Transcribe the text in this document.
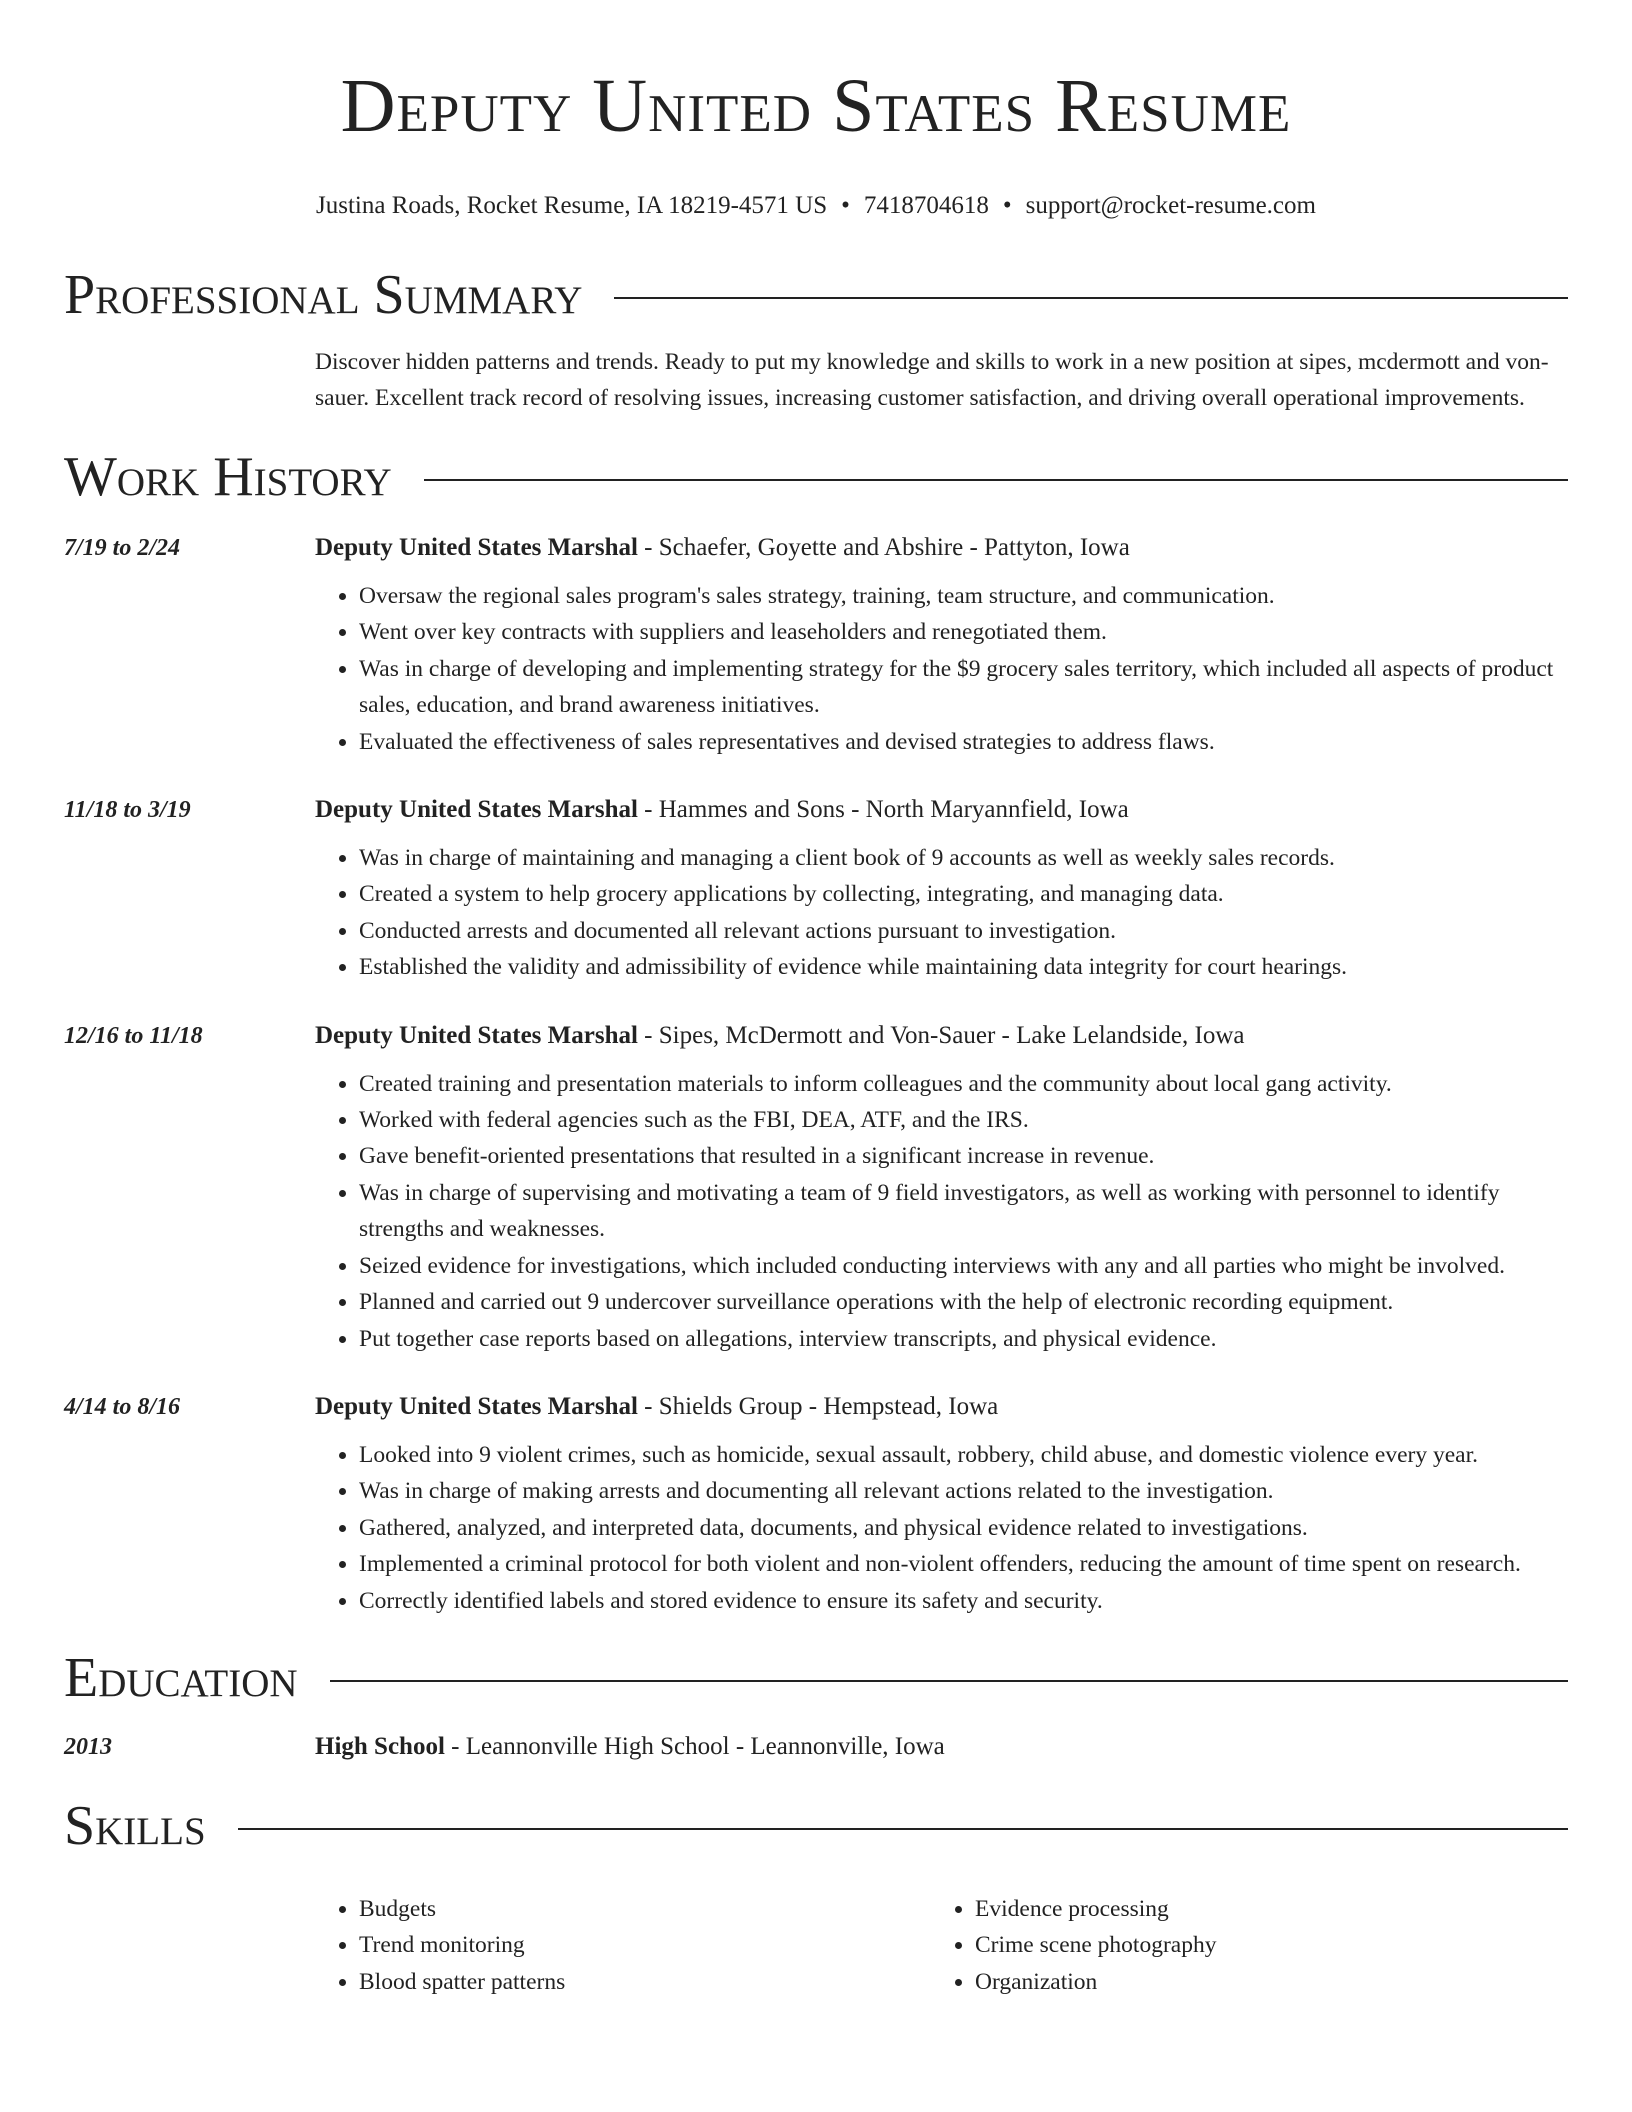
Deputy United States Resume
Justina Roads, Rocket Resume, IA 18219-4571 US • 7418704618 • support@rocket-resume.com
Professional Summary
Discover hidden patterns and trends. Ready to put my knowledge and skills to work in a new position at sipes, mcdermott and von-sauer. Excellent track record of resolving issues, increasing customer satisfaction, and driving overall operational improvements.
Work History
7/19 to 2/24	Deputy United States Marshal - Schaefer, Goyette and Abshire - Pattyton, Iowa
• Oversaw the regional sales program's sales strategy, training, team structure, and communication.
• Went over key contracts with suppliers and leaseholders and renegotiated them.
• Was in charge of developing and implementing strategy for the $9 grocery sales territory, which included all aspects of product sales, education, and brand awareness initiatives.
• Evaluated the effectiveness of sales representatives and devised strategies to address flaws.
11/18 to 3/19	Deputy United States Marshal - Hammes and Sons - North Maryannfield, Iowa
• Was in charge of maintaining and managing a client book of 9 accounts as well as weekly sales records.
• Created a system to help grocery applications by collecting, integrating, and managing data.
• Conducted arrests and documented all relevant actions pursuant to investigation.
• Established the validity and admissibility of evidence while maintaining data integrity for court hearings.
12/16 to 11/18	Deputy United States Marshal - Sipes, McDermott and Von-Sauer - Lake Lelandside, Iowa
• Created training and presentation materials to inform colleagues and the community about local gang activity.
• Worked with federal agencies such as the FBI, DEA, ATF, and the IRS.
• Gave benefit-oriented presentations that resulted in a significant increase in revenue.
• Was in charge of supervising and motivating a team of 9 field investigators, as well as working with personnel to identify strengths and weaknesses.
• Seized evidence for investigations, which included conducting interviews with any and all parties who might be involved.
• Planned and carried out 9 undercover surveillance operations with the help of electronic recording equipment.
• Put together case reports based on allegations, interview transcripts, and physical evidence.
4/14 to 8/16	Deputy United States Marshal - Shields Group - Hempstead, Iowa
• Looked into 9 violent crimes, such as homicide, sexual assault, robbery, child abuse, and domestic violence every year.
• Was in charge of making arrests and documenting all relevant actions related to the investigation.
• Gathered, analyzed, and interpreted data, documents, and physical evidence related to investigations.
• Implemented a criminal protocol for both violent and non-violent offenders, reducing the amount of time spent on research.
• Correctly identified labels and stored evidence to ensure its safety and security.
Education
2013	High School - Leannonville High School - Leannonville, Iowa
Skills
• Budgets
• Trend monitoring
• Blood spatter patterns
• Evidence processing
• Crime scene photography
• Organization
